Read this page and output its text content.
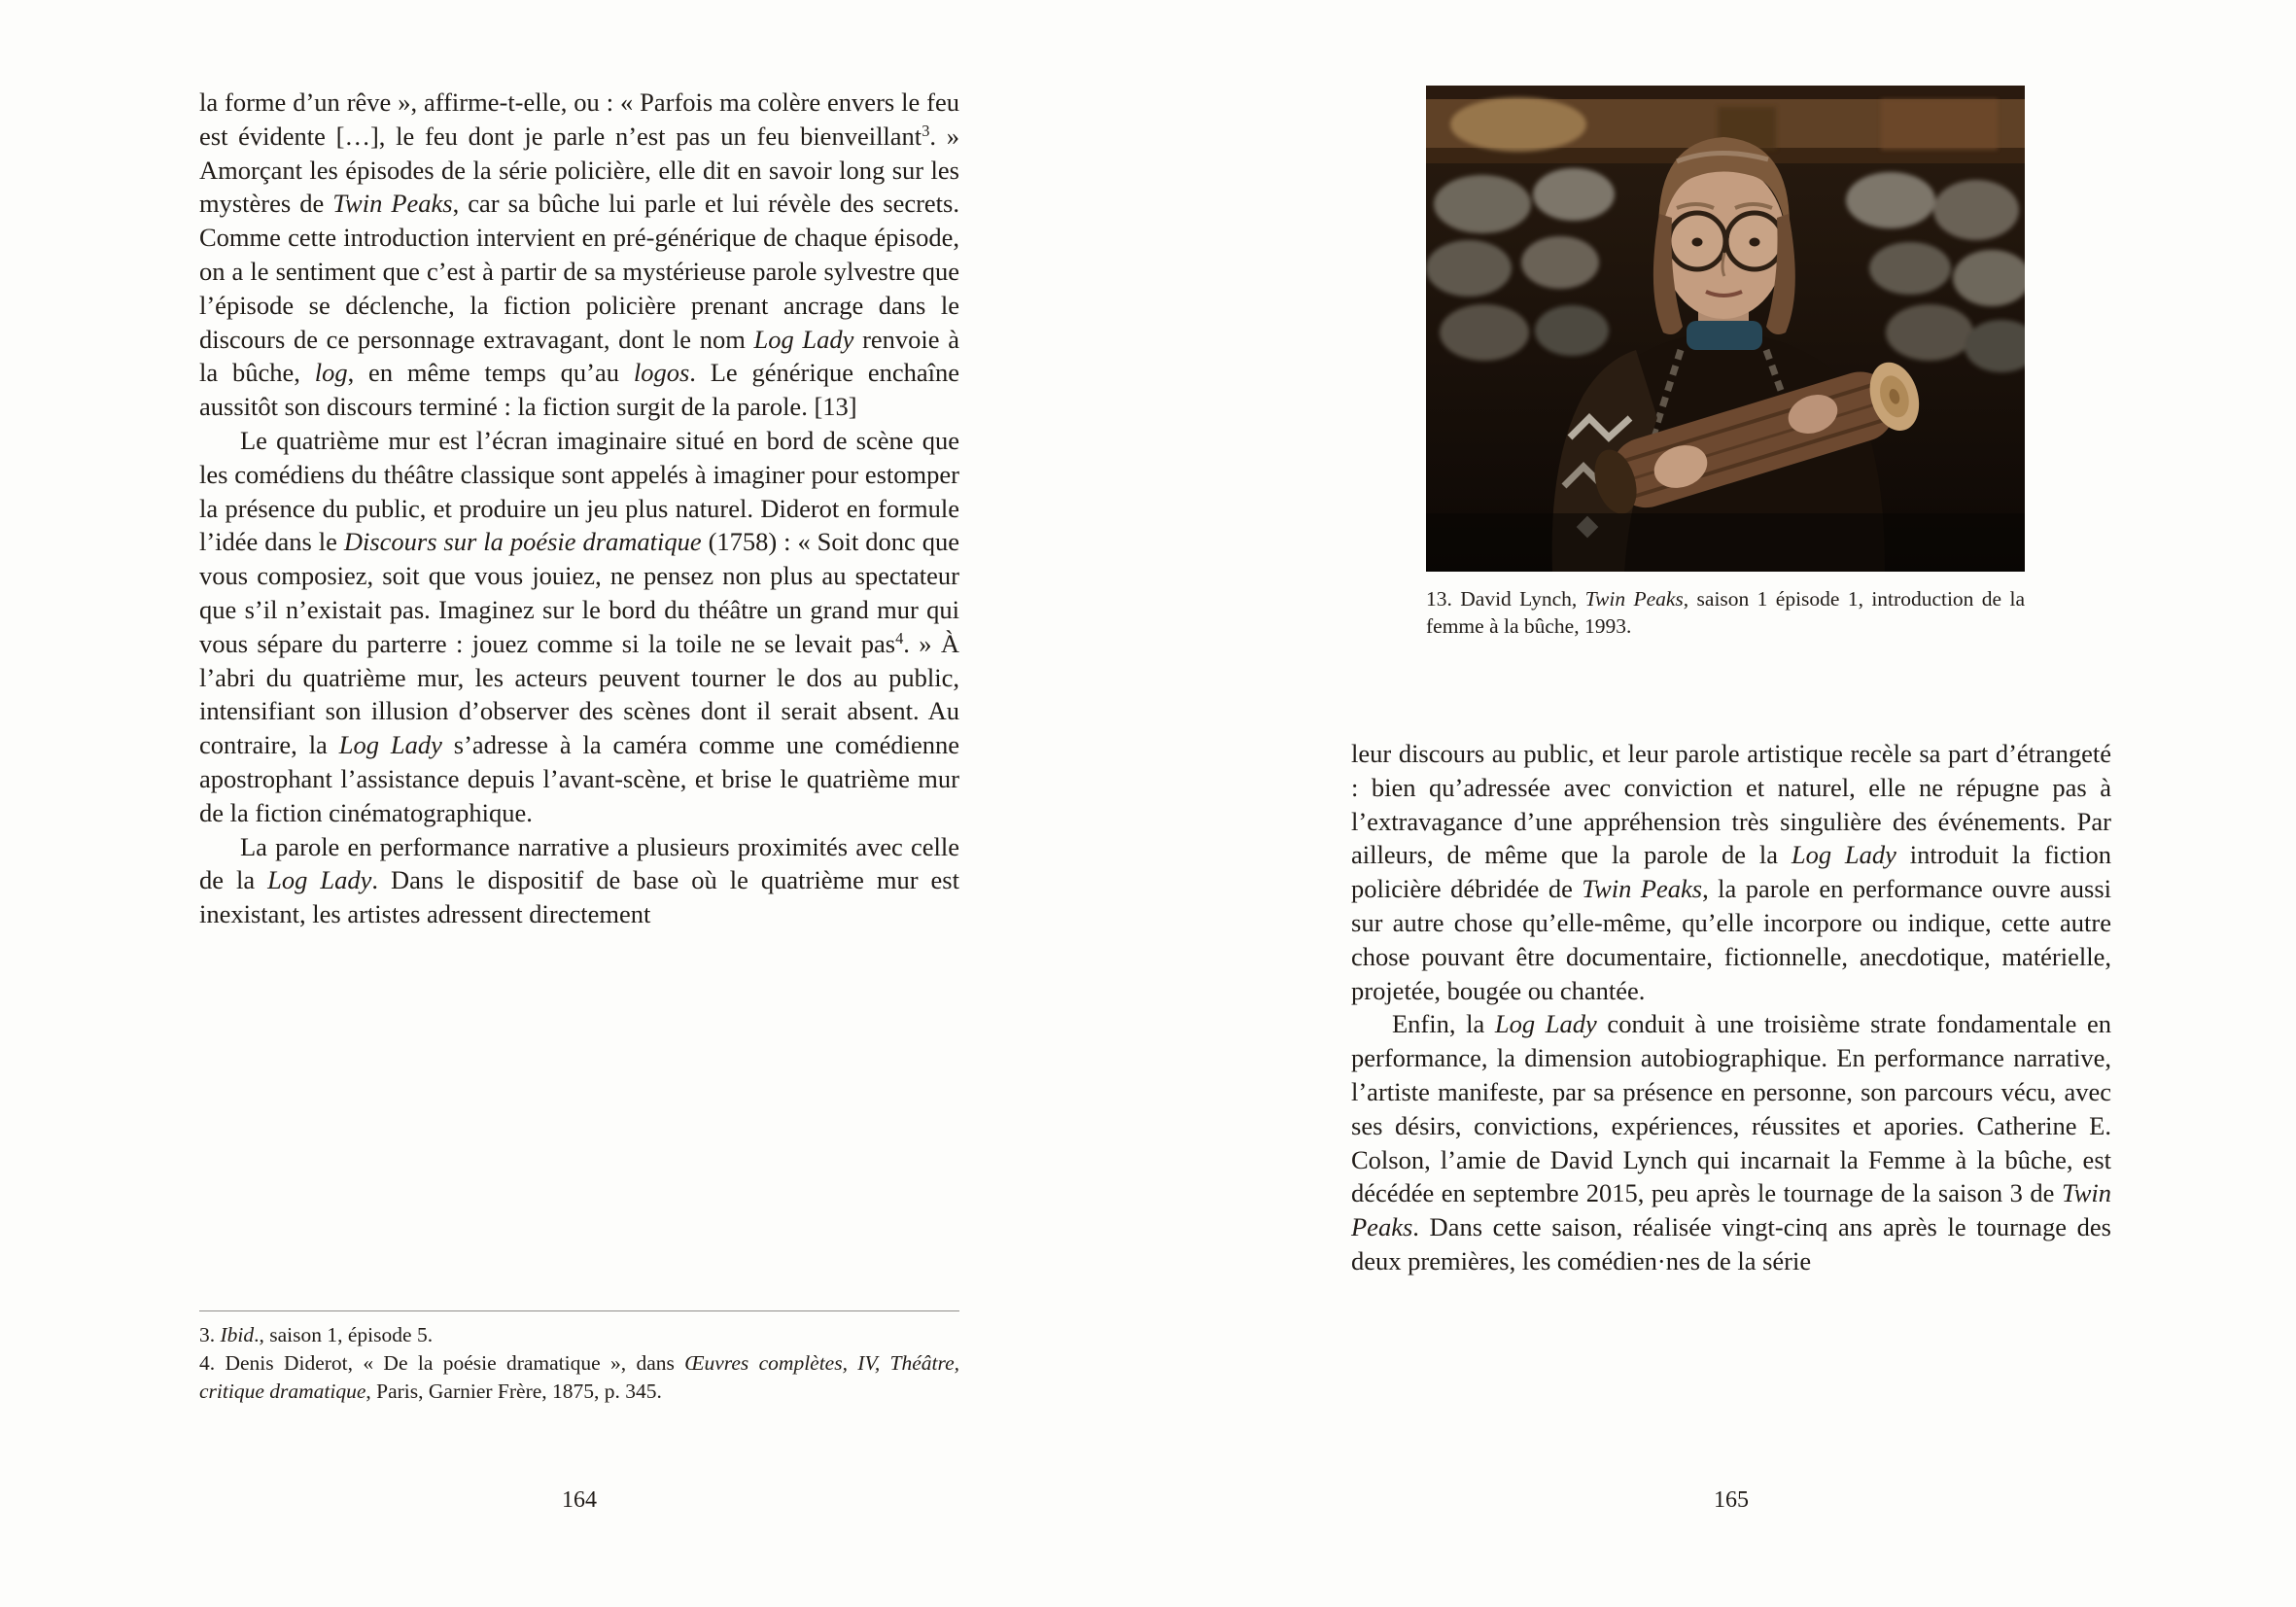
la forme d’un rêve », affirme-t-elle, ou : « Parfois ma colère envers le feu est évidente […], le feu dont je parle n’est pas un feu bienveillant$^3$. » Amorçant les épisodes de la série policière, elle dit en savoir long sur les mystères de Twin Peaks, car sa bûche lui parle et lui révèle des secrets. Comme cette introduction intervient en pré-générique de chaque épisode, on a le sentiment que c’est à partir de sa mystérieuse parole sylvestre que l’épisode se déclenche, la fiction policière prenant ancrage dans le discours de ce personnage extravagant, dont le nom Log Lady renvoie à la bûche, log, en même temps qu’au logos. Le générique enchaîne aussitôt son discours terminé : la fiction surgit de la parole. [13]

Le quatrième mur est l’écran imaginaire situé en bord de scène que les comédiens du théâtre classique sont appelés à imaginer pour estomper la présence du public, et produire un jeu plus naturel. Diderot en formule l’idée dans le Discours sur la poésie dramatique (1758) : « Soit donc que vous composiez, soit que vous jouiez, ne pensez non plus au spectateur que s’il n’existait pas. Imaginez sur le bord du théâtre un grand mur qui vous sépare du parterre : jouez comme si la toile ne se levait pas$^4$. » À l’abri du quatrième mur, les acteurs peuvent tourner le dos au public, intensifiant son illusion d’observer des scènes dont il serait absent. Au contraire, la Log Lady s’adresse à la caméra comme une comédienne apostrophant l’assistance depuis l’avant-scène, et brise le quatrième mur de la fiction cinématographique.

La parole en performance narrative a plusieurs proximités avec celle de la Log Lady. Dans le dispositif de base où le quatrième mur est inexistant, les artistes adressent directement

3. Ibid., saison 1, épisode 5.

4. Denis Diderot, « De la poésie dramatique », dans Œuvres complètes, IV, Théâtre, critique dramatique, Paris, Garnier Frère, 1875, p. 345.

164
13. David Lynch, Twin Peaks, saison 1 épisode 1, introduction de la femme à la bûche, 1993.

leur discours au public, et leur parole artistique recèle sa part d’étrangeté : bien qu’adressée avec conviction et naturel, elle ne répugne pas à l’extravagance d’une appréhension très singulière des événements. Par ailleurs, de même que la parole de la Log Lady introduit la fiction policière débridée de Twin Peaks, la parole en performance ouvre aussi sur autre chose qu’elle-même, qu’elle incorpore ou indique, cette autre chose pouvant être documentaire, fictionnelle, anecdotique, matérielle, projetée, bougée ou chantée.

Enfin, la Log Lady conduit à une troisième strate fondamentale en performance, la dimension autobiographique. En performance narrative, l’artiste manifeste, par sa présence en personne, son parcours vécu, avec ses désirs, convictions, expériences, réussites et apories. Catherine E. Colson, l’amie de David Lynch qui incarnait la Femme à la bûche, est décédée en septembre 2015, peu après le tournage de la saison 3 de Twin Peaks. Dans cette saison, réalisée vingt-cinq ans après le tournage des deux premières, les comédien·nes de la série

165
